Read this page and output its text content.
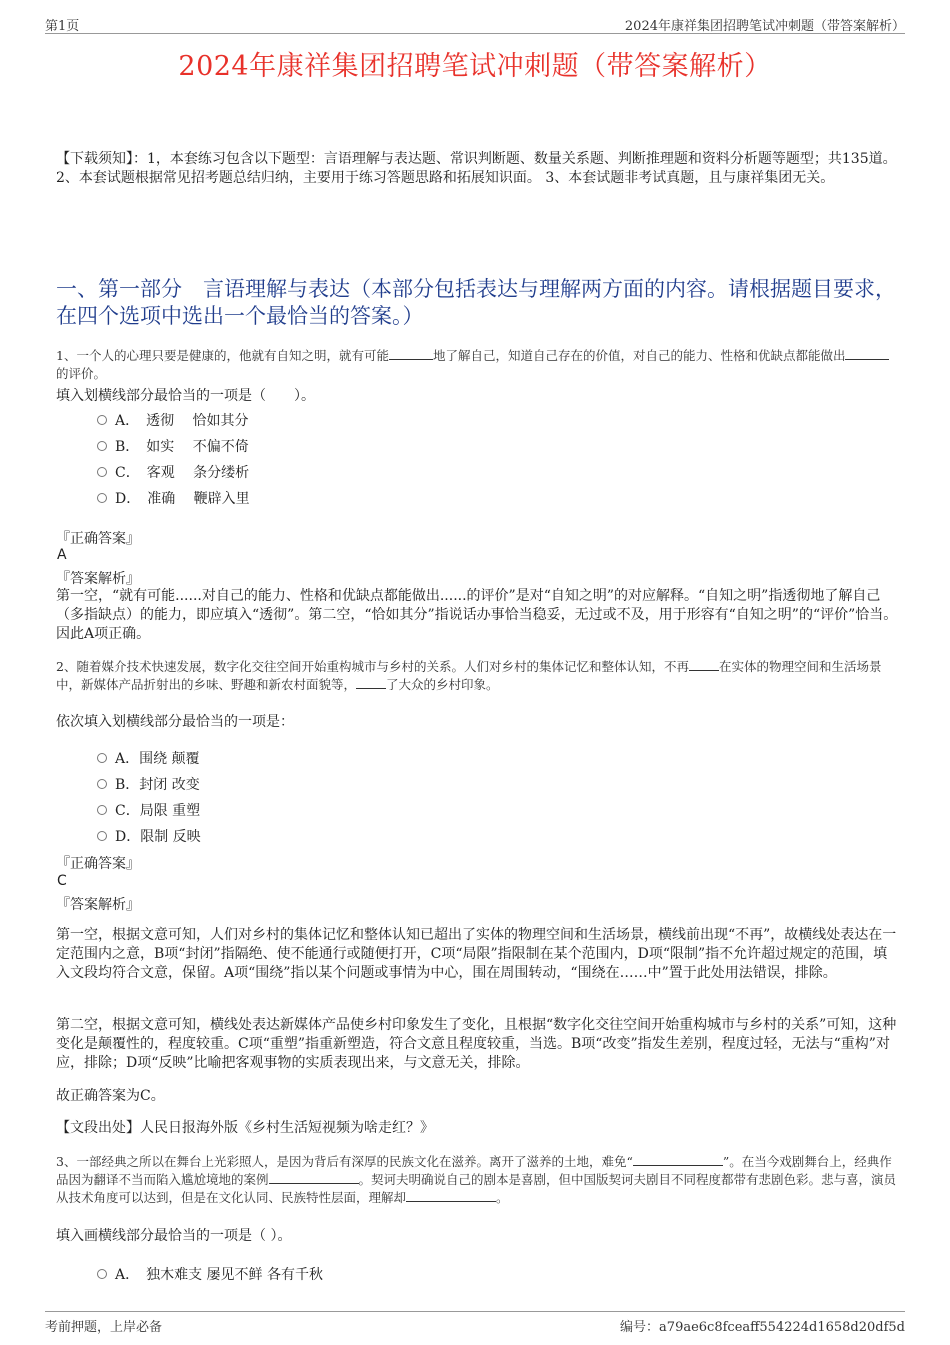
第1页	2024年康祥集团招聘笔试冲刺题（带答案解析）
2024年康祥集团招聘笔试冲刺题（带答案解析）
【下载须知】：1，本套练习包含以下题型：言语理解与表达题、常识判断题、数量关系题、判断推理题和资料分析题等题型；共135道。 2、本套试题根据常见招考题总结归纳，主要用于练习答题思路和拓展知识面。 3、本套试题非考试真题，且与康祥集团无关。
一、第一部分　言语理解与表达（本部分包括表达与理解两方面的内容。请根据题目要求，在四个选项中选出一个最恰当的答案。）
1、一个人的心理只要是健康的，他就有自知之明，就有可能	地了解自己，知道自己存在的价值，对自己的能力、性格和优缺点都能做出的评价。
填入划横线部分最恰当的一项是（　　）。
A．　透彻　 恰如其分
B．　如实　 不偏不倚
C．　客观　 条分缕析
D．　准确　 鞭辟入里
『正确答案』
A
『答案解析』
第一空，“就有可能......对自己的能力、性格和优缺点都能做出......的评价”是对“自知之明”的对应解释。“自知之明”指透彻地了解自己（多指缺点）的能力，即应填入“透彻”。第二空，“恰如其分”指说话办事恰当稳妥，无过或不及，用于形容有“自知之明”的“评价”恰当。因此A项正确。
2、随着媒介技术快速发展，数字化交往空间开始重构城市与乡村的关系。人们对乡村的集体记忆和整体认知，不再 在实体的物理空间和生活场景中，新媒体产品折射出的乡味、野趣和新农村面貌等， 了大众的乡村印象。
依次填入划横线部分最恰当的一项是：
A．围绕 颠覆
B．封闭 改变
C．局限 重塑
D．限制 反映
『正确答案』
C
『答案解析』
第一空，根据文意可知，人们对乡村的集体记忆和整体认知已超出了实体的物理空间和生活场景，横线前出现“不再”，故横线处表达在一定范围内之意，B项“封闭”指隔绝、使不能通行或随便打开，C项“局限”指限制在某个范围内，D项“限制”指不允许超过规定的范围，填入文段均符合文意，保留。A项“围绕”指以某个问题或事情为中心，围在周围转动，“围绕在……中”置于此处用法错误，排除。
第二空，根据文意可知，横线处表达新媒体产品使乡村印象发生了变化，且根据“数字化交往空间开始重构城市与乡村的关系”可知，这种变化是颠覆性的，程度较重。C项“重塑”指重新塑造，符合文意且程度较重，当选。B项“改变”指发生差别，程度过轻，无法与“重构”对应，排除；D项“反映”比喻把客观事物的实质表现出来，与文意无关，排除。
故正确答案为C。
【文段出处】人民日报海外版《乡村生活短视频为啥走红？》
3、一部经典之所以在舞台上光彩照人，是因为背后有深厚的民族文化在滋养。离开了滋养的土地，难免“	”。在当今戏剧舞台上，经典作品因为翻译不当而陷入尴尬境地的案例	。契诃夫明确说自己的剧本是喜剧，但中国版契诃夫剧目不同程度都带有悲剧色彩。悲与喜，演员从技术角度可以达到，但是在文化认同、民族特性层面，理解却	。
填入画横线部分最恰当的一项是（ ）。
A．　独木难支 屡见不鲜 各有千秋
考前押题，上岸必备	编号：a79ae6c8fceaff554224d1658d20df5d
